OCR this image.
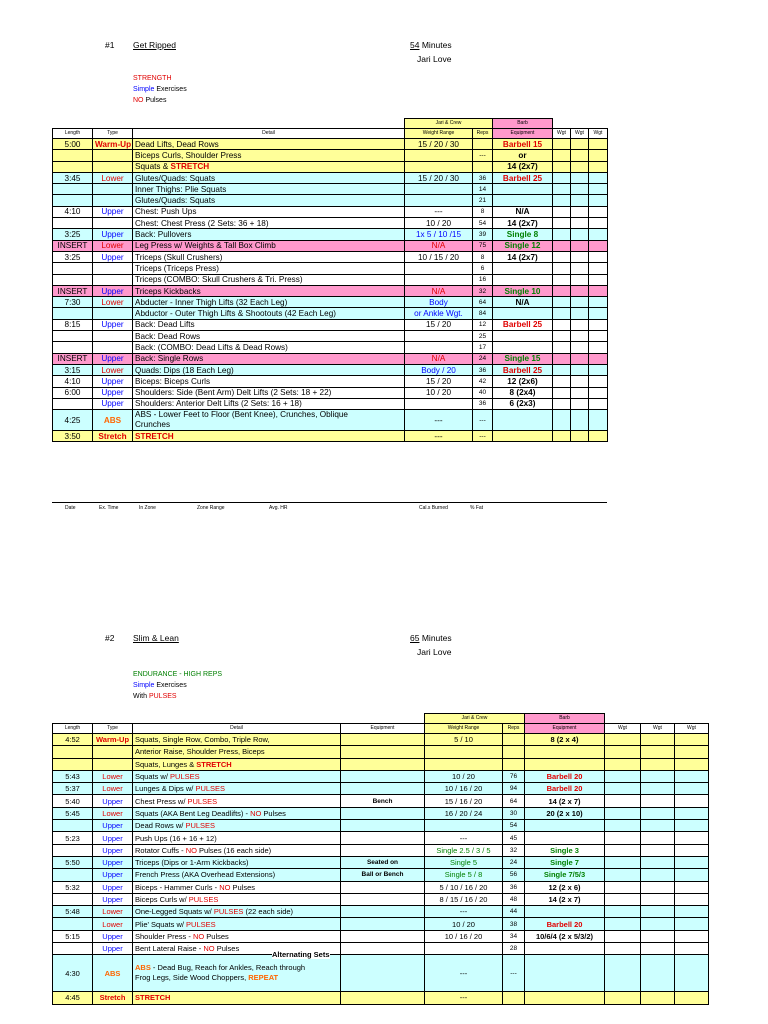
#1 Get Ripped	54 Minutes
Jari Love
STRENGTH
Simple Exercises
NO Pulses
			Jari & Crew		Barb			
Length	Type	Detail	Weight Range	Reps	Equipment	Wgt	Wgt	Wgt
5:00	Warm-Up	Dead Lifts, Dead Rows	15 / 20 / 30		Barbell 15			
		Biceps Curls, Shoulder Press		---	or			
		Squats & STRETCH			14 (2x7)			
3:45	Lower	Glutes/Quads: Squats	15 / 20 / 30	36	Barbell 25			
		Inner Thighs: Plie Squats		14				
		Glutes/Quads: Squats		21				
4:10	Upper	Chest: Push Ups	---	8	N/A			
		Chest: Chest Press (2 Sets: 36 + 18)	10 / 20	54	14 (2x7)			
3:25	Upper	Back: Pullovers	1x 5 / 10 /15	39	Single 8			
INSERT	Lower	Leg Press w/ Weights & Tall Box Climb	N/A	75	Single 12			
3:25	Upper	Triceps (Skull Crushers)	10 / 15 / 20	8	14 (2x7)			
		Triceps (Triceps Press)		6				
		Triceps (COMBO: Skull Crushers & Tri. Press)		16				
INSERT	Upper	Triceps Kickbacks	N/A	32	Single 10			
7:30	Lower	Abducter - Inner Thigh Lifts (32 Each Leg)	Body	64	N/A			
		Abductor - Outer Thigh Lifts & Shootouts (42 Each Leg)	or Ankle Wgt.	84				
8:15	Upper	Back: Dead Lifts	15 / 20	12	Barbell 25			
		Back: Dead Rows		25				
		Back: (COMBO: Dead Lifts & Dead Rows)		17				
INSERT	Upper	Back: Single Rows	N/A	24	Single 15			
3:15	Lower	Quads: Dips (18 Each Leg)	Body / 20	36	Barbell 25			
4:10	Upper	Biceps: Biceps Curls	15 / 20	42	12 (2x6)			
6:00	Upper	Shoulders: Side (Bent Arm) Delt Lifts (2 Sets: 18 + 22)	10 / 20	40	8 (2x4)			
	Upper	Shoulders: Anterior Delt Lifts (2 Sets: 16 + 18)		36	6 (2x3)			
4:25	ABS	ABS - Lower Feet to Floor (Bent Knee), Crunches, Oblique
Crunches	---	---				
3:50	Stretch	STRETCH	---	---				
Date	Ex. Time	In Zone	Zone Range	Avg. HR	Cal.s Burned	% Fat
#2 Slim & Lean	65 Minutes
Jari Love
ENDURANCE - HIGH REPS
Simple Exercises
With PULSES
				Jari & Crew		Barb			
Length	Type	Detail	Equipment	Weight Range	Reps	Equipment	Wgt	Wgt	Wgt
4:52	Warm-Up	Squats, Single Row, Combo, Triple Row,		5 / 10		8 (2 x 4)			
		Anterior Raise, Shoulder Press, Biceps							
		Squats, Lunges & STRETCH							
5:43	Lower	Squats w/ PULSES		10 / 20	76	Barbell 20			
5:37	Lower	Lunges & Dips w/ PULSES		10 / 16 / 20	94	Barbell 20			
5:40	Upper	Chest Press w/ PULSES	Bench	15 / 16 / 20	64	14 (2 x 7)			
5:45	Lower	Squats (AKA Bent Leg Deadlifts) - NO Pulses		16 / 20 / 24	30	20 (2 x 10)			
	Upper	Dead Rows w/ PULSES			54				
5:23	Upper	Push Ups (16 + 16 + 12)		---	45				
	Upper	Rotator Cuffs - NO Pulses (16 each side)		Single 2.5 / 3 / 5	32	Single 3			
5:50	Upper	Triceps (Dips or 1-Arm Kickbacks)	Seated on	Single 5	24	Single 7			
	Upper	French Press (AKA Overhead Extensions)	Ball or Bench	Single 5 / 8	56	Single 7/5/3			
5:32	Upper	Biceps - Hammer Curls - NO Pulses		5 / 10 / 16 / 20	36	12 (2 x 6)			
	Upper	Biceps Curls w/ PULSES		8 / 15 / 16 / 20	48	14 (2 x 7)			
5:48	Lower	One-Legged Squats w/ PULSES (22 each side)		---	44				
	Lower	Plie' Squats w/ PULSES		10 / 20	38	Barbell 20			
5:15	Upper	Shoulder Press - NO Pulses		10 / 16 / 20	34	10/6/4 (2 x 5/3/2)			
	Upper	Bent Lateral Raise - NO Pulses			28				
4:30	ABS	ABS - Dead Bug, Reach for Ankles, Reach through
Frog Legs, Side Wood Choppers, REPEAT		---	---				
4:45	Stretch	STRETCH		---					
Alternating Sets
